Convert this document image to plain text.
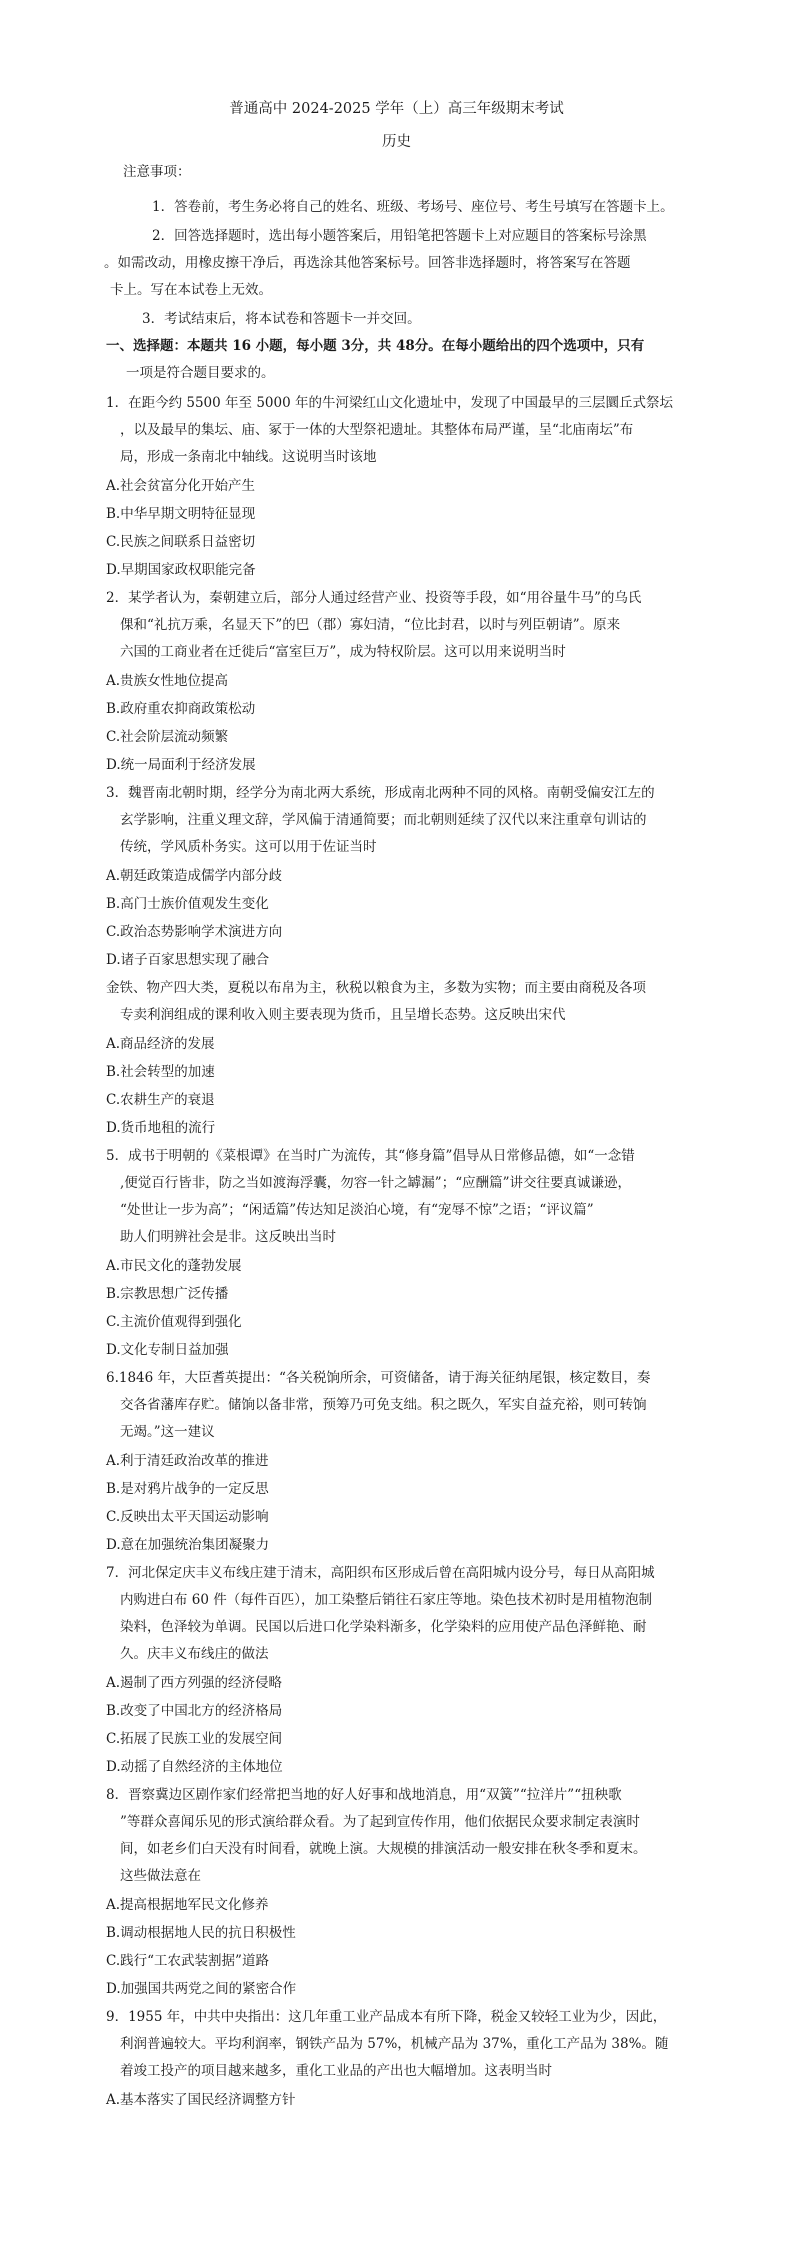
普通高中 2024-2025 学年（上）高三年级期末考试
历史
注意事项：
1．答卷前，考生务必将自己的姓名、班级、考场号、座位号、考生号填写在答题卡上。
2．回答选择题时，选出每小题答案后，用铅笔把答题卡上对应题目的答案标号涂黑
。如需改动，用橡皮擦干净后，再选涂其他答案标号。回答非选择题时，将答案写在答题
卡上。写在本试卷上无效。
3．考试结束后，将本试卷和答题卡一并交回。
一、选择题：本题共 16 小题，每小题 3分，共 48分。在每小题给出的四个选项中，只有
一项是符合题目要求的。
1．在距今约 5500 年至 5000 年的牛河梁红山文化遗址中，发现了中国最早的三层圜丘式祭坛
，以及最早的集坛、庙、冢于一体的大型祭祀遗址。其整体布局严谨，呈“北庙南坛”布
局，形成一条南北中轴线。这说明当时该地
A.社会贫富分化开始产生
B.中华早期文明特征显现
C.民族之间联系日益密切
D.早期国家政权职能完备
2．某学者认为，秦朝建立后，部分人通过经营产业、投资等手段，如“用谷量牛马”的乌氏
倮和“礼抗万乘，名显天下”的巴（郡）寡妇清，“位比封君，以时与列臣朝请”。原来
六国的工商业者在迁徙后“富室巨万”，成为特权阶层。这可以用来说明当时
A.贵族女性地位提高
B.政府重农抑商政策松动
C.社会阶层流动频繁
D.统一局面利于经济发展
3．魏晋南北朝时期，经学分为南北两大系统，形成南北两种不同的风格。南朝受偏安江左的
玄学影响，注重义理文辞，学风偏于清通简要；而北朝则延续了汉代以来注重章句训诂的
传统，学风质朴务实。这可以用于佐证当时
A.朝廷政策造成儒学内部分歧
B.高门士族价值观发生变化
C.政治态势影响学术演进方向
D.诸子百家思想实现了融合
金铁、物产四大类，夏税以布帛为主，秋税以粮食为主，多数为实物；而主要由商税及各项
专卖利润组成的课利收入则主要表现为货币，且呈增长态势。这反映出宋代
A.商品经济的发展
B.社会转型的加速
C.农耕生产的衰退
D.货币地租的流行
5．成书于明朝的《菜根谭》在当时广为流传，其“修身篇”倡导从日常修品德，如“一念错
,便觉百行皆非，防之当如渡海浮囊，勿容一针之罅漏”；“应酬篇”讲交往要真诚谦逊，
“处世让一步为高”；“闲适篇”传达知足淡泊心境，有“宠辱不惊”之语；“评议篇”
助人们明辨社会是非。这反映出当时
A.市民文化的蓬勃发展
B.宗教思想广泛传播
C.主流价值观得到强化
D.文化专制日益加强
6.1846 年，大臣耆英提出：“各关税饷所余，可资储备，请于海关征纳尾银，核定数目，奏
交各省藩库存贮。储饷以备非常，预筹乃可免支绌。积之既久，军实自益充裕，则可转饷
无竭。”这一建议
A.利于清廷政治改革的推进
B.是对鸦片战争的一定反思
C.反映出太平天国运动影响
D.意在加强统治集团凝聚力
7．河北保定庆丰义布线庄建于清末，高阳织布区形成后曾在高阳城内设分号，每日从高阳城
内购进白布 60 件（每件百匹），加工染整后销往石家庄等地。染色技术初时是用植物泡制
染料，色泽较为单调。民国以后进口化学染料渐多，化学染料的应用使产品色泽鲜艳、耐
久。庆丰义布线庄的做法
A.遏制了西方列强的经济侵略
B.改变了中国北方的经济格局
C.拓展了民族工业的发展空间
D.动摇了自然经济的主体地位
8．晋察冀边区剧作家们经常把当地的好人好事和战地消息，用“双簧”“拉洋片”“扭秧歌
”等群众喜闻乐见的形式演给群众看。为了起到宣传作用，他们依据民众要求制定表演时
间，如老乡们白天没有时间看，就晚上演。大规模的排演活动一般安排在秋冬季和夏末。
这些做法意在
A.提高根据地军民文化修养
B.调动根据地人民的抗日积极性
C.践行“工农武装割据”道路
D.加强国共两党之间的紧密合作
9．1955 年，中共中央指出：这几年重工业产品成本有所下降，税金又较轻工业为少，因此，
利润普遍较大。平均利润率，钢铁产品为 57%，机械产品为 37%，重化工产品为 38%。随
着竣工投产的项目越来越多，重化工业品的产出也大幅增加。这表明当时
A.基本落实了国民经济调整方针
